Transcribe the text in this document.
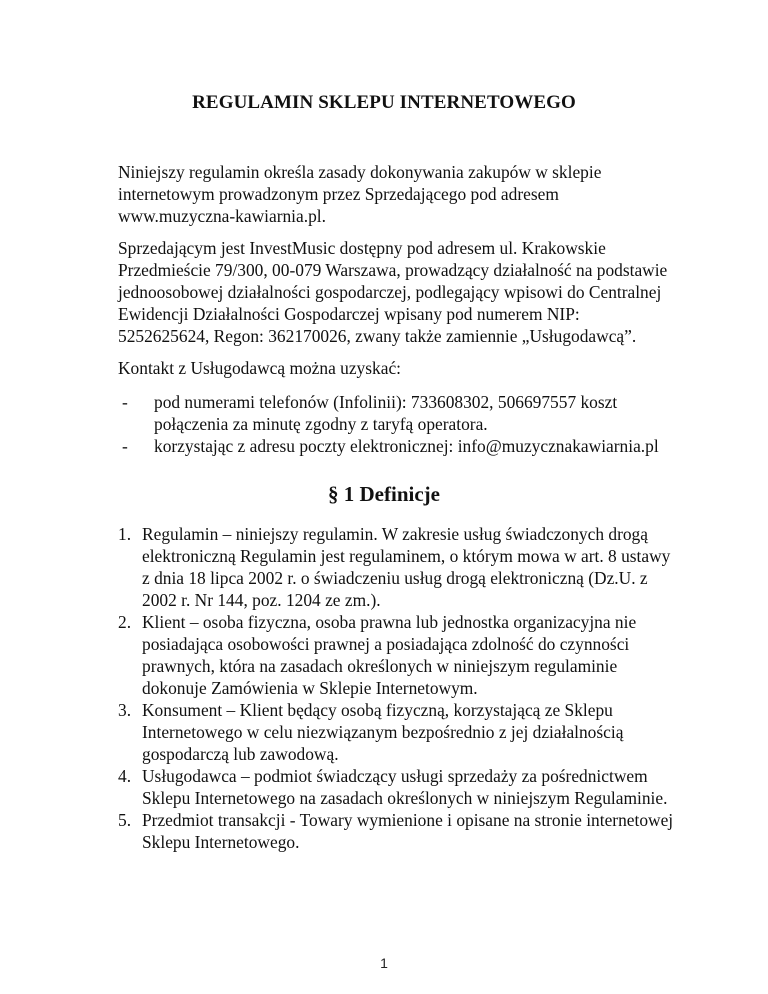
REGULAMIN SKLEPU INTERNETOWEGO

Niniejszy regulamin określa zasady dokonywania zakupów w sklepie internetowym prowadzonym przez Sprzedającego pod adresem www.muzyczna-kawiarnia.pl.

Sprzedającym jest InvestMusic dostępny pod adresem ul. Krakowskie Przedmieście 79/300, 00-079 Warszawa, prowadzący działalność na podstawie jednoosobowej działalności gospodarczej, podlegający wpisowi do Centralnej Ewidencji Działalności Gospodarczej wpisany pod numerem NIP: 5252625624, Regon: 362170026, zwany także zamiennie „Usługodawcą”.

Kontakt z Usługodawcą można uzyskać:

- pod numerami telefonów (Infolinii): 733608302, 506697557 koszt połączenia za minutę zgodny z taryfą operatora.
- korzystając z adresu poczty elektronicznej: info@muzycznakawiarnia.pl
§ 1 Definicje
1. Regulamin – niniejszy regulamin. W zakresie usług świadczonych drogą elektroniczną Regulamin jest regulaminem, o którym mowa w art. 8 ustawy z dnia 18 lipca 2002 r. o świadczeniu usług drogą elektroniczną (Dz.U. z 2002 r. Nr 144, poz. 1204 ze zm.).
2. Klient – osoba fizyczna, osoba prawna lub jednostka organizacyjna nie posiadająca osobowości prawnej a posiadająca zdolność do czynności prawnych, która na zasadach określonych w niniejszym regulaminie dokonuje Zamówienia w Sklepie Internetowym.
3. Konsument – Klient będący osobą fizyczną, korzystającą ze Sklepu Internetowego w celu niezwiązanym bezpośrednio z jej działalnością gospodarczą lub zawodową.
4. Usługodawca – podmiot świadczący usługi sprzedaży za pośrednictwem Sklepu Internetowego na zasadach określonych w niniejszym Regulaminie.
5. Przedmiot transakcji - Towary wymienione i opisane na stronie internetowej Sklepu Internetowego.
1
